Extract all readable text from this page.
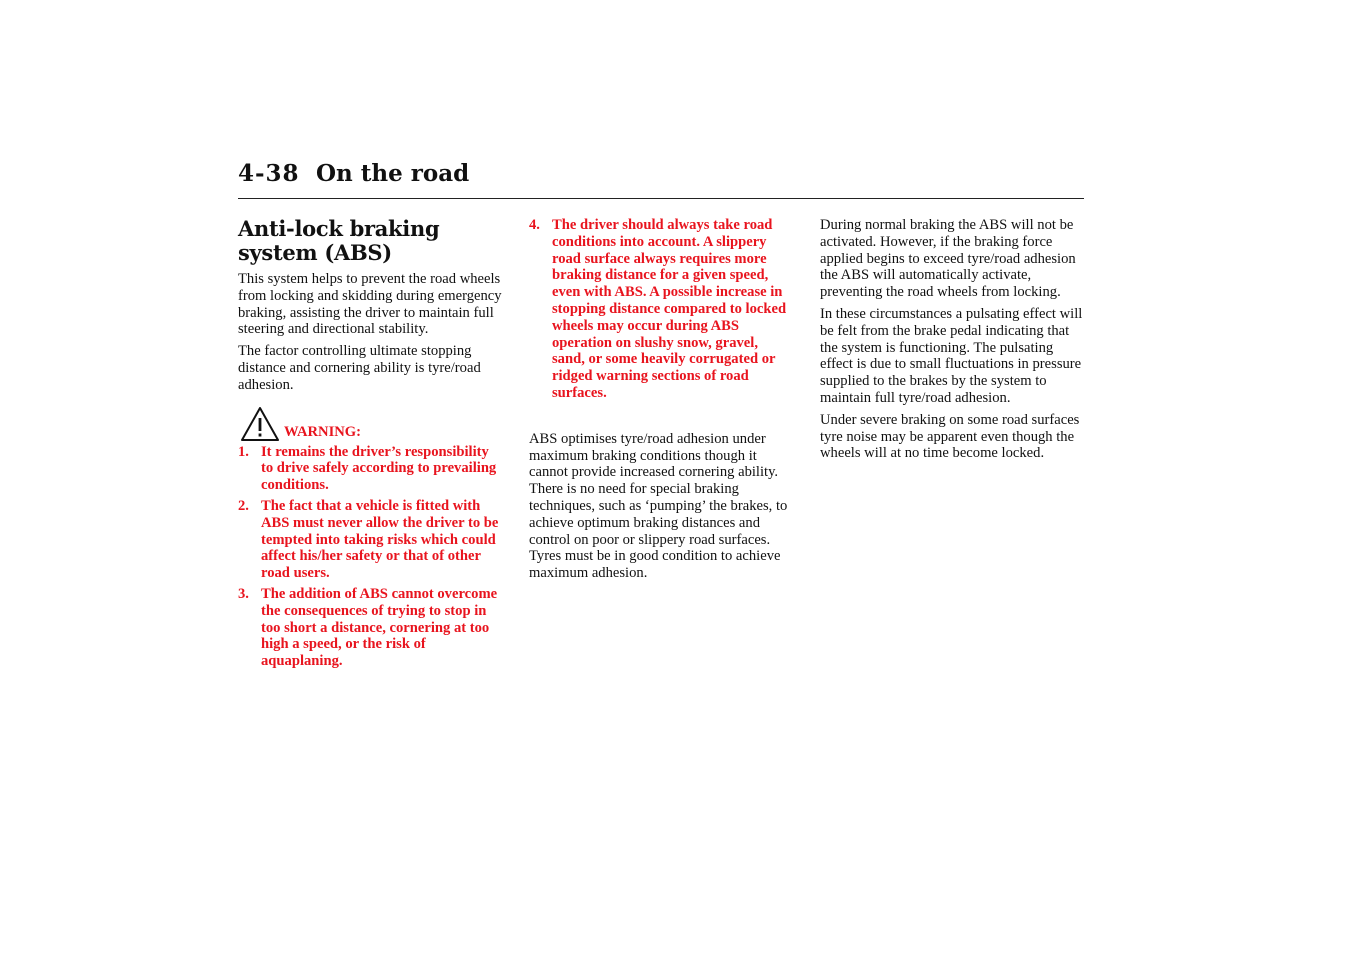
4-38 On the road
Anti-lock braking
system (ABS)

This system helps to prevent the road wheels from locking and skidding during emergency braking, assisting the driver to maintain full steering and directional stability.

The factor controlling ultimate stopping distance and cornering ability is tyre/road adhesion.

WARNING:
1. It remains the driver’s responsibility to drive safely according to prevailing conditions.
2. The fact that a vehicle is fitted with ABS must never allow the driver to be tempted into taking risks which could affect his/her safety or that of other road users.
3. The addition of ABS cannot overcome the consequences of trying to stop in too short a distance, cornering at too high a speed, or the risk of aquaplaning.
4. The driver should always take road conditions into account. A slippery road surface always requires more braking distance for a given speed, even with ABS. A possible increase in stopping distance compared to locked wheels may occur during ABS operation on slushy snow, gravel, sand, or some heavily corrugated or ridged warning sections of road surfaces.

ABS optimises tyre/road adhesion under maximum braking conditions though it cannot provide increased cornering ability. There is no need for special braking techniques, such as ‘pumping’ the brakes, to achieve optimum braking distances and control on poor or slippery road surfaces. Tyres must be in good condition to achieve maximum adhesion.

During normal braking the ABS will not be activated. However, if the braking force applied begins to exceed tyre/road adhesion the ABS will automatically activate, preventing the road wheels from locking.

In these circumstances a pulsating effect will be felt from the brake pedal indicating that the system is functioning. The pulsating effect is due to small fluctuations in pressure supplied to the brakes by the system to maintain full tyre/road adhesion.

Under severe braking on some road surfaces tyre noise may be apparent even though the wheels will at no time become locked.
